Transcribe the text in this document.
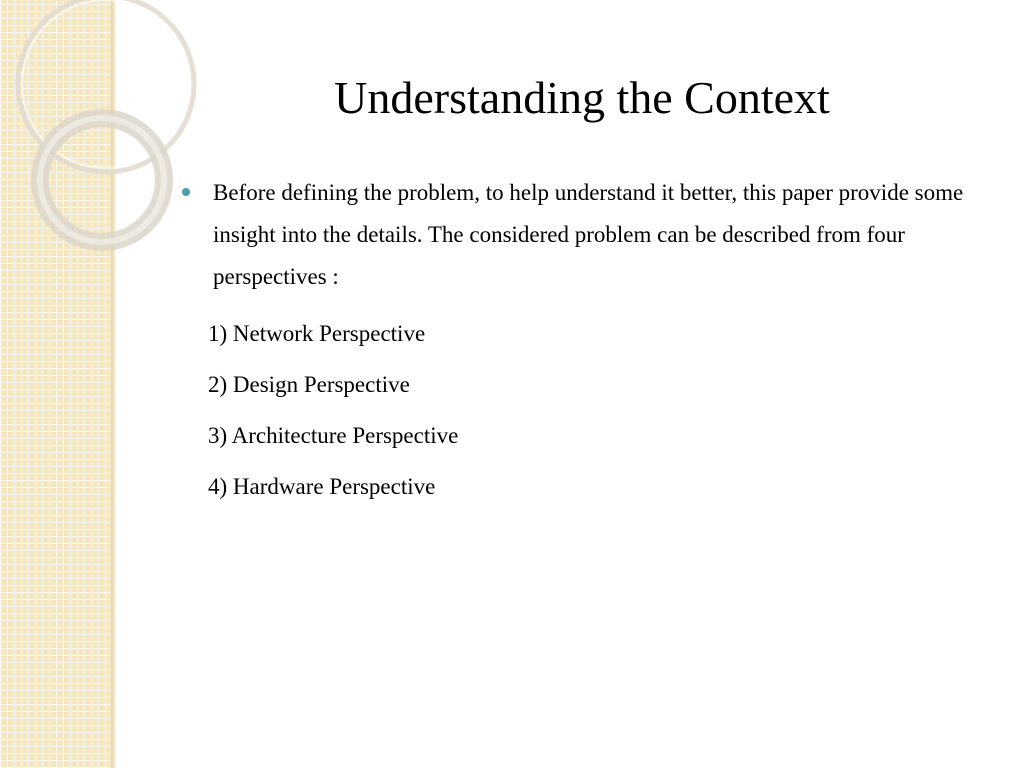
Understanding the Context
Before defining the problem, to help understand it better, this paper provide some insight into the details. The considered problem can be described from four perspectives :
1) Network Perspective
2) Design Perspective
3) Architecture Perspective
4) Hardware Perspective
